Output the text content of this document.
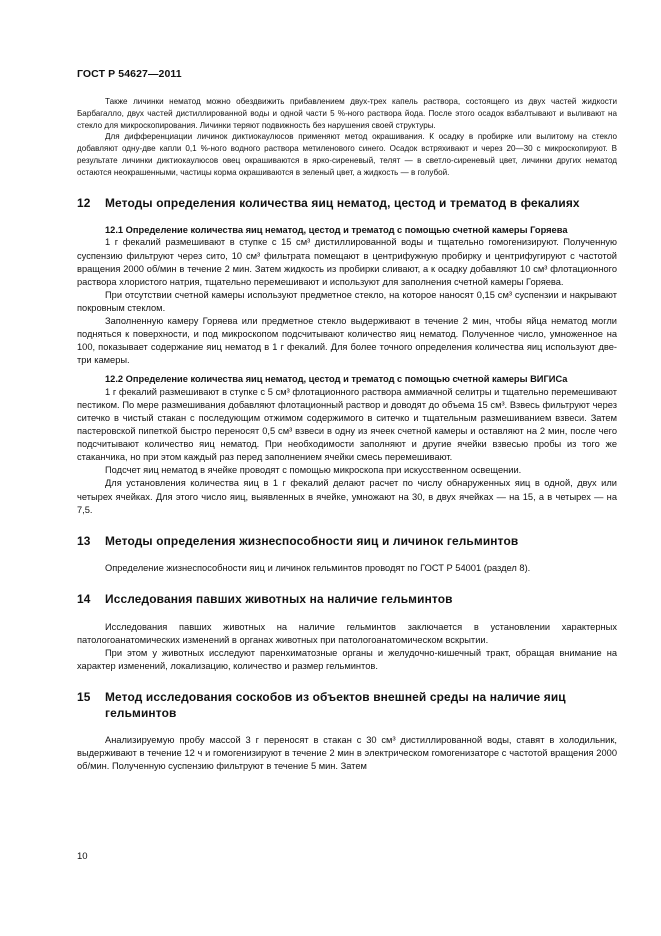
ГОСТ Р 54627—2011

Также личинки нематод можно обездвижить прибавлением двух-трех капель раствора, состоящего из двух частей жидкости Барбагалло, двух частей дистиллированной воды и одной части 5 %-ного раствора йода. После этого осадок взбалтывают и выливают на стекло для микроскопирования. Личинки теряют подвижность без нарушения своей структуры.

Для дифференциации личинок диктиокаулюсов применяют метод окрашивания. К осадку в пробирке или вылитому на стекло добавляют одну-две капли 0,1 %-ного водного раствора метиленового синего. Осадок встряхивают и через 20—30 с микроскопируют. В результате личинки диктиокаулюсов овец окрашиваются в ярко-сиреневый, телят — в светло-сиреневый цвет, личинки других нематод остаются неокрашенными, частицы корма окрашиваются в зеленый цвет, а жидкость — в голубой.

12 Методы определения количества яиц нематод, цестод и трематод в фекалиях
12.1 Определение количества яиц нематод, цестод и трематод с помощью счетной камеры Горяева

1 г фекалий размешивают в ступке с 15 см³ дистиллированной воды и тщательно гомогенизируют. Полученную суспензию фильтруют через сито, 10 см³ фильтрата помещают в центрифужную пробирку и центрифугируют с частотой вращения 2000 об/мин в течение 2 мин. Затем жидкость из пробирки сливают, а к осадку добавляют 10 см³ флотационного раствора хлористого натрия, тщательно перемешивают и используют для заполнения счетной камеры Горяева.

При отсутствии счетной камеры используют предметное стекло, на которое наносят 0,15 см³ суспензии и накрывают покровным стеклом.

Заполненную камеру Горяева или предметное стекло выдерживают в течение 2 мин, чтобы яйца нематод могли подняться к поверхности, и под микроскопом подсчитывают количество яиц нематод. Полученное число, умноженное на 100, показывает содержание яиц нематод в 1 г фекалий. Для более точного определения количества яиц используют две-три камеры.

12.2 Определение количества яиц нематод, цестод и трематод с помощью счетной камеры ВИГИСа

1 г фекалий размешивают в ступке с 5 см³ флотационного раствора аммиачной селитры и тщательно перемешивают пестиком. По мере размешивания добавляют флотационный раствор и доводят до объема 15 см³. Взвесь фильтруют через ситечко в чистый стакан с последующим отжимом содержимого в ситечко и тщательным размешиванием взвеси. Затем пастеровской пипеткой быстро переносят 0,5 см³ взвеси в одну из ячеек счетной камеры и оставляют на 2 мин, после чего подсчитывают количество яиц нематод. При необходимости заполняют и другие ячейки взвесью пробы из того же стаканчика, но при этом каждый раз перед заполнением ячейки смесь перемешивают.

Подсчет яиц нематод в ячейке проводят с помощью микроскопа при искусственном освещении.

Для установления количества яиц в 1 г фекалий делают расчет по числу обнаруженных яиц в одной, двух или четырех ячейках. Для этого число яиц, выявленных в ячейке, умножают на 30, в двух ячейках — на 15, а в четырех — на 7,5.

13 Методы определения жизнеспособности яиц и личинок гельминтов

Определение жизнеспособности яиц и личинок гельминтов проводят по ГОСТ Р 54001 (раздел 8).

14 Исследования павших животных на наличие гельминтов

Исследования павших животных на наличие гельминтов заключается в установлении характерных патологоанатомических изменений в органах животных при патологоанатомическом вскрытии.

При этом у животных исследуют паренхиматозные органы и желудочно-кишечный тракт, обращая внимание на характер изменений, локализацию, количество и размер гельминтов.

15 Метод исследования соскобов из объектов внешней среды на наличие яиц гельминтов

Анализируемую пробу массой 3 г переносят в стакан с 30 см³ дистиллированной воды, ставят в холодильник, выдерживают в течение 12 ч и гомогенизируют в течение 2 мин в электрическом гомогенизаторе с частотой вращения 2000 об/мин. Полученную суспензию фильтруют в течение 5 мин. Затем

10
